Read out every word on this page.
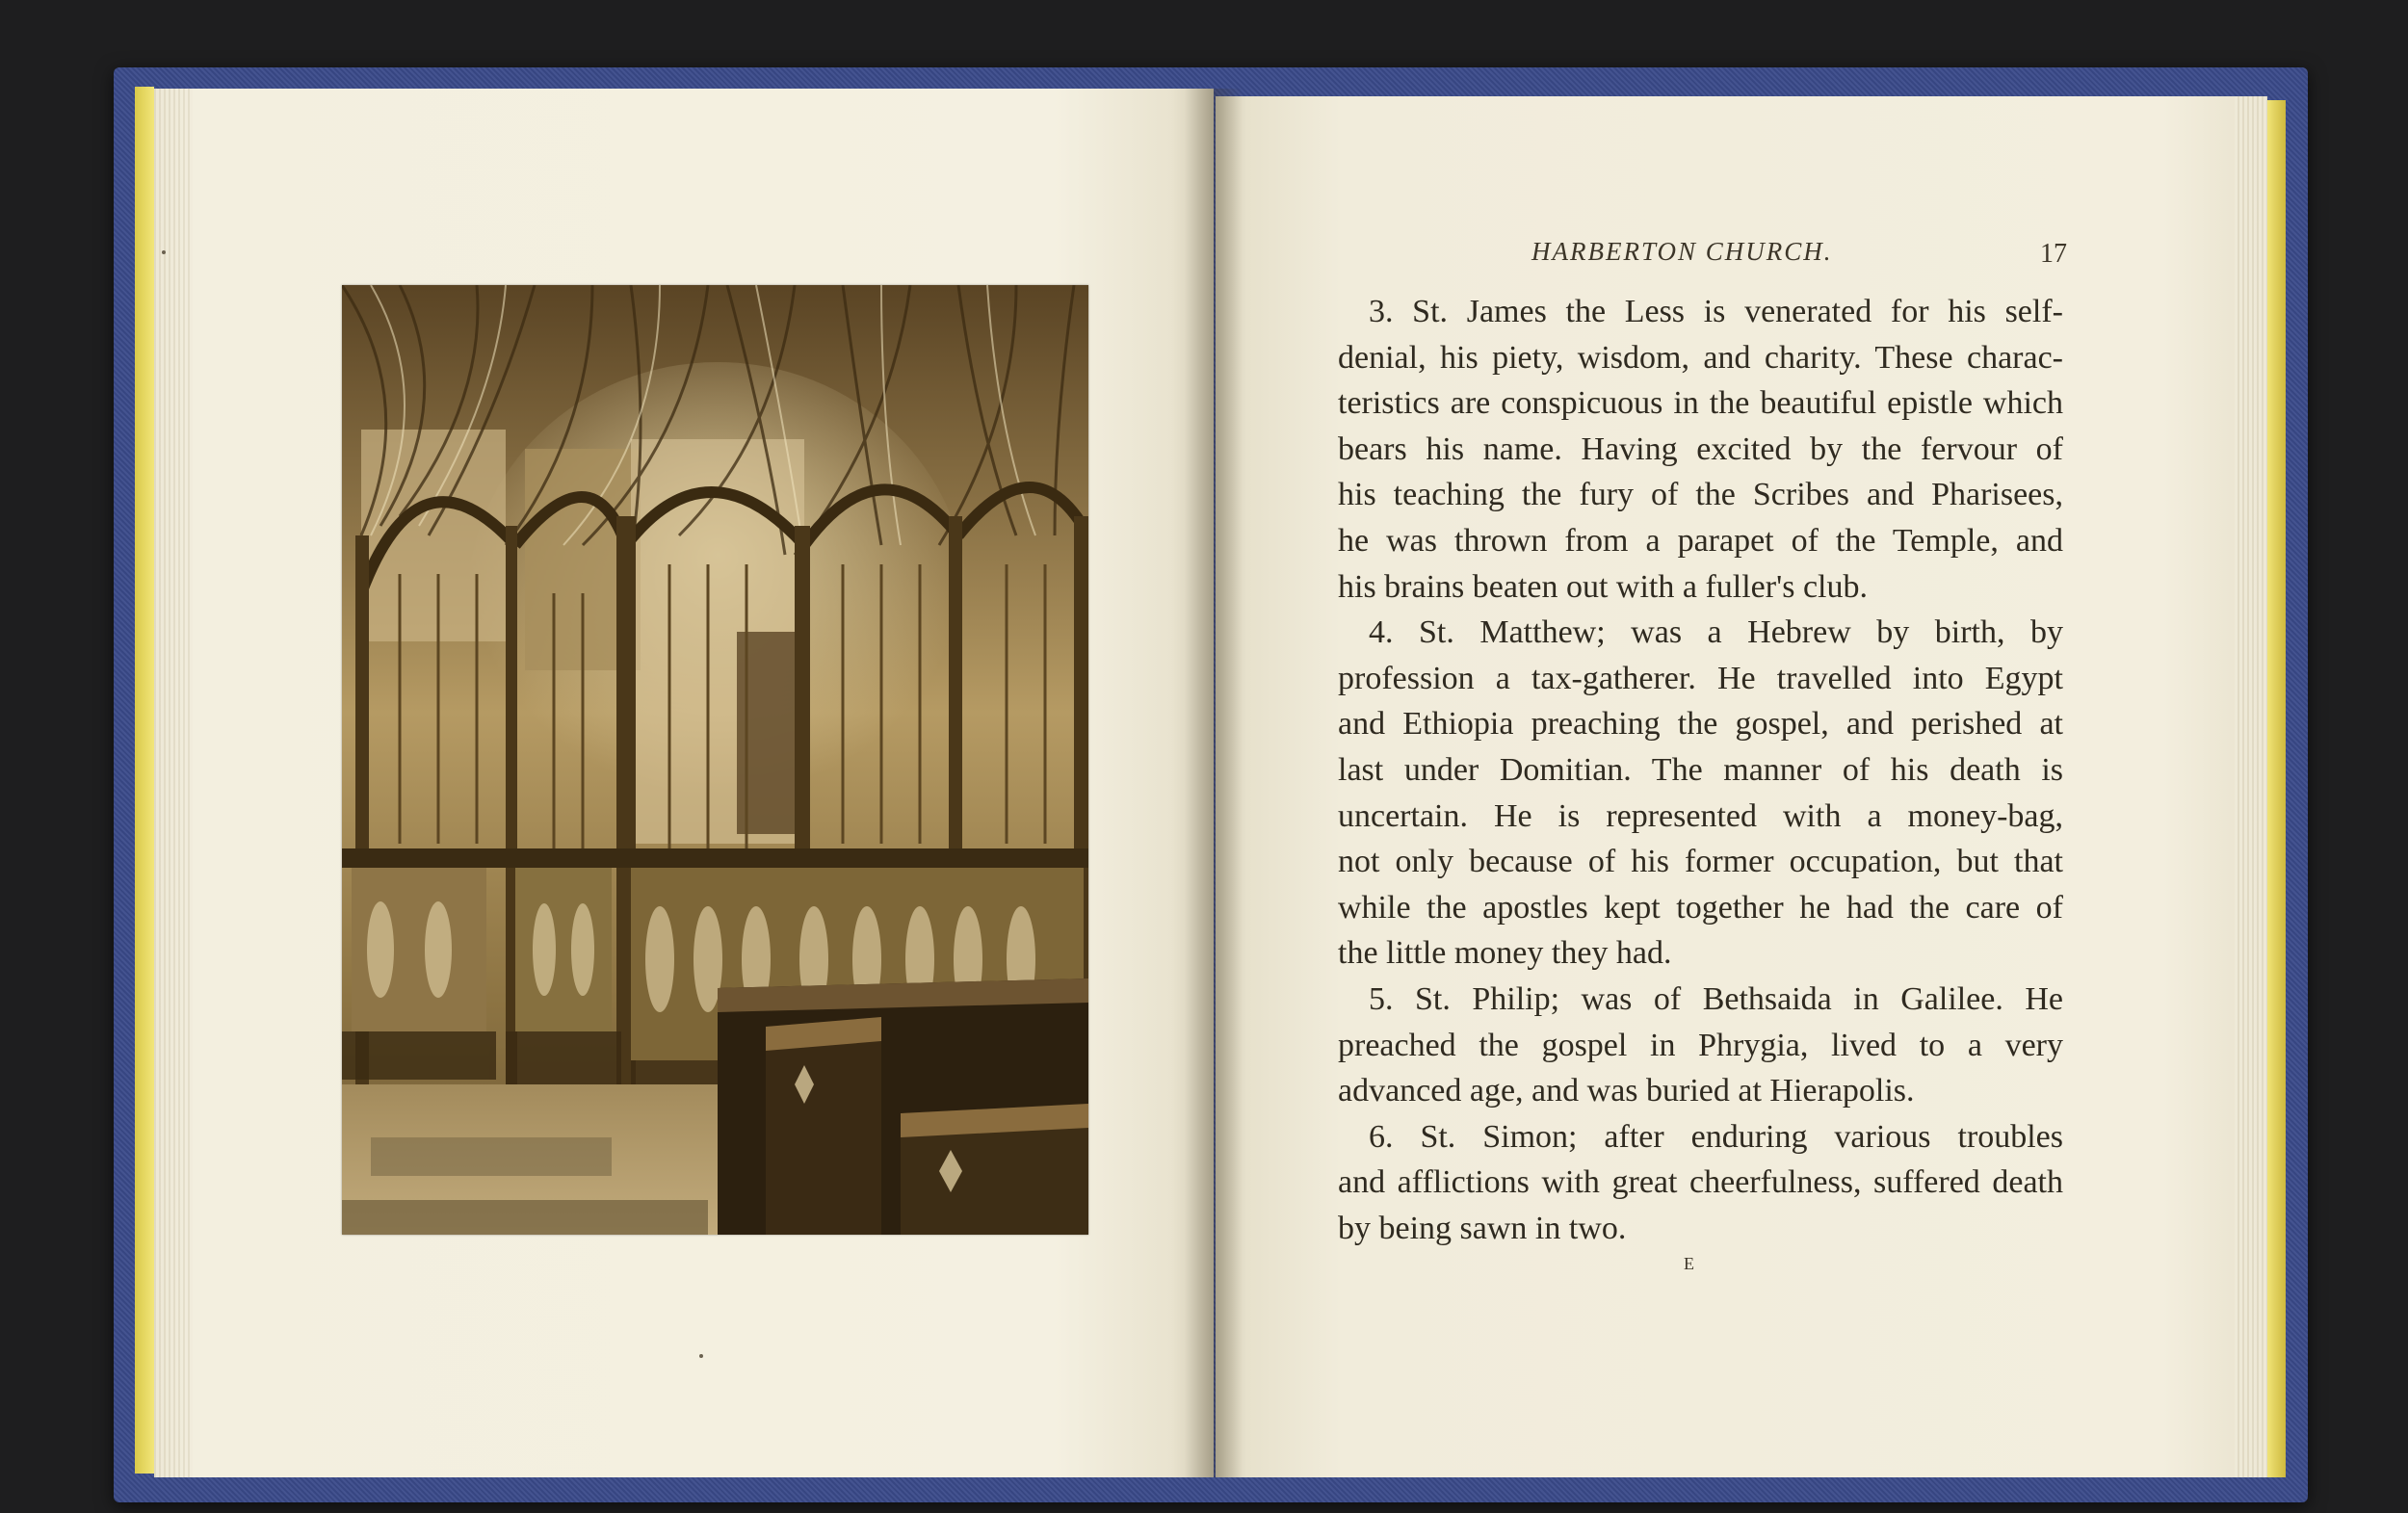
HARBERTON CHURCH.	17
3. St. James the Less is venerated for his self-
denial, his piety, wisdom, and charity. These charac-
teristics are conspicuous in the beautiful epistle which
bears his name. Having excited by the fervour of
his teaching the fury of the Scribes and Pharisees,
he was thrown from a parapet of the Temple, and
his brains beaten out with a fuller's club.
4. St. Matthew; was a Hebrew by birth, by
profession a tax-gatherer. He travelled into Egypt
and Ethiopia preaching the gospel, and perished at
last under Domitian. The manner of his death is
uncertain. He is represented with a money-bag,
not only because of his former occupation, but that
while the apostles kept together he had the care of
the little money they had.
5. St. Philip; was of Bethsaida in Galilee. He
preached the gospel in Phrygia, lived to a very
advanced age, and was buried at Hierapolis.
6. St. Simon; after enduring various troubles
and afflictions with great cheerfulness, suffered death
by being sawn in two.
E
